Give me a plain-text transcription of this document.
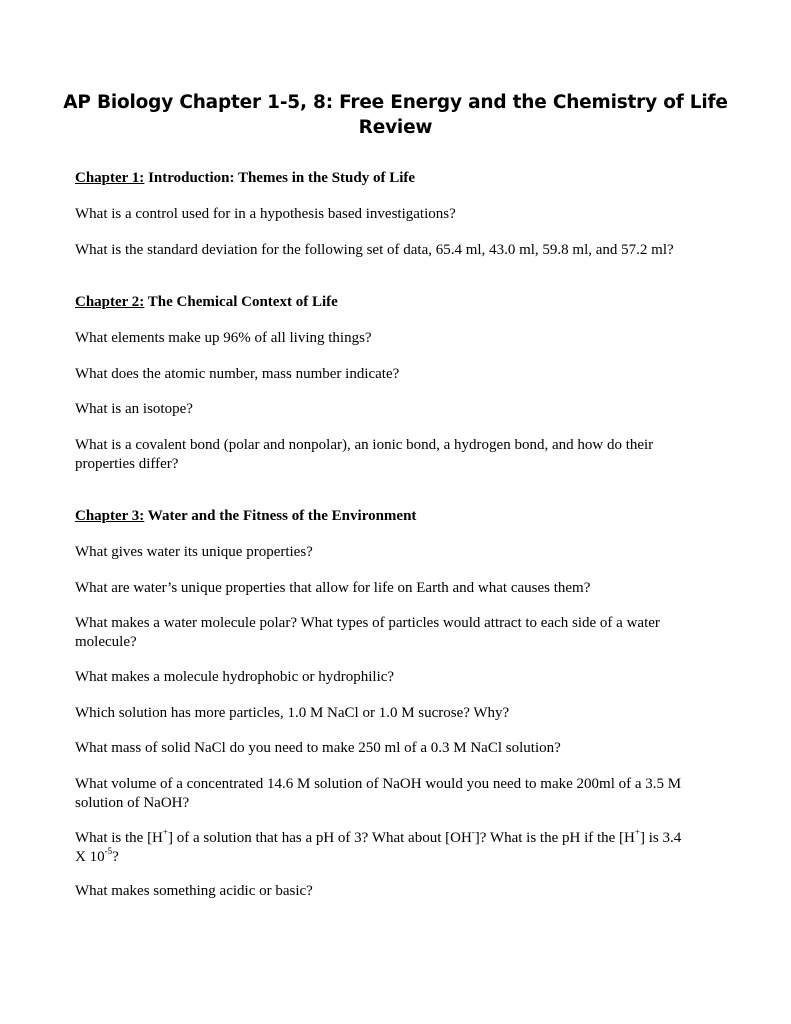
AP Biology Chapter 1-5, 8: Free Energy and the Chemistry of Life
Review
Chapter 1: Introduction: Themes in the Study of Life
What is a control used for in a hypothesis based investigations?
What is the standard deviation for the following set of data, 65.4 ml, 43.0 ml, 59.8 ml, and 57.2 ml?
Chapter 2: The Chemical Context of Life
What elements make up 96% of all living things?
What does the atomic number, mass number indicate?
What is an isotope?
What is a covalent bond (polar and nonpolar), an ionic bond, a hydrogen bond, and how do their
properties differ?
Chapter 3: Water and the Fitness of the Environment
What gives water its unique properties?
What are water’s unique properties that allow for life on Earth and what causes them?
What makes a water molecule polar? What types of particles would attract to each side of a water
molecule?
What makes a molecule hydrophobic or hydrophilic?
Which solution has more particles, 1.0 M NaCl or 1.0 M sucrose? Why?
What mass of solid NaCl do you need to make 250 ml of a 0.3 M NaCl solution?
What volume of a concentrated 14.6 M solution of NaOH would you need to make 200ml of a 3.5 M
solution of NaOH?
What is the [H+] of a solution that has a pH of 3? What about [OH-]? What is the pH if the [H+] is 3.4
X $10^{-5}$?
What makes something acidic or basic?
